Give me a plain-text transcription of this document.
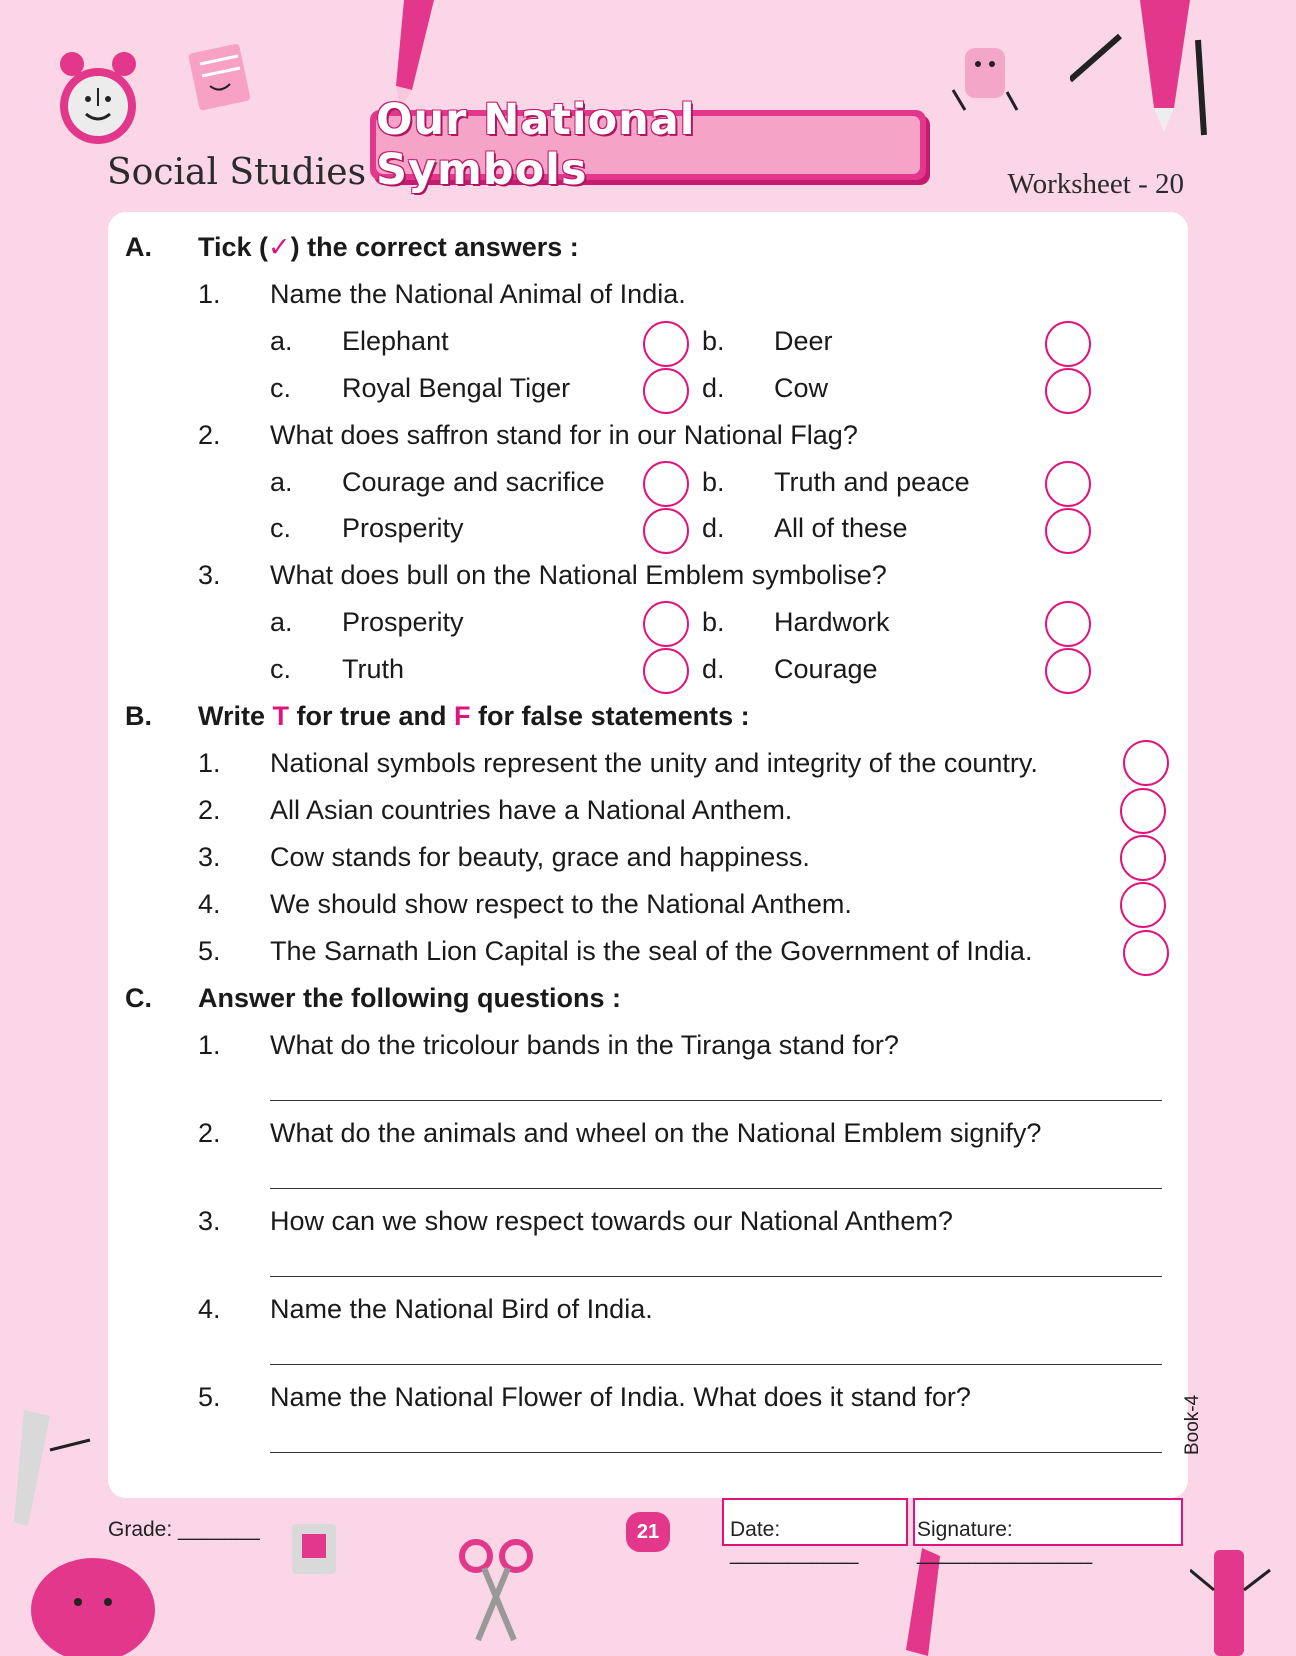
Social Studies
Our National Symbols	Worksheet - 20
A. Tick (✓) the correct answers :
1. Name the National Animal of India.
a. Elephant	b. Deer
c. Royal Bengal Tiger	d. Cow
2. What does saffron stand for in our National Flag?
a. Courage and sacrifice	b. Truth and peace
c. Prosperity	d. All of these
3. What does bull on the National Emblem symbolise?
a. Prosperity	b. Hardwork
c. Truth	d. Courage
B. Write T for true and F for false statements :
1. National symbols represent the unity and integrity of the country.
2. All Asian countries have a National Anthem.
3. Cow stands for beauty, grace and happiness.
4. We should show respect to the National Anthem.
5. The Sarnath Lion Capital is the seal of the Government of India.
C. Answer the following questions :
1. What do the tricolour bands in the Tiranga stand for?
2. What do the animals and wheel on the National Emblem signify?
3. How can we show respect towards our National Anthem?
4. Name the National Bird of India.
5. Name the National Flower of India. What does it stand for?	Book-4
Grade: _______	21	Date: ___________
Signature: _______________
